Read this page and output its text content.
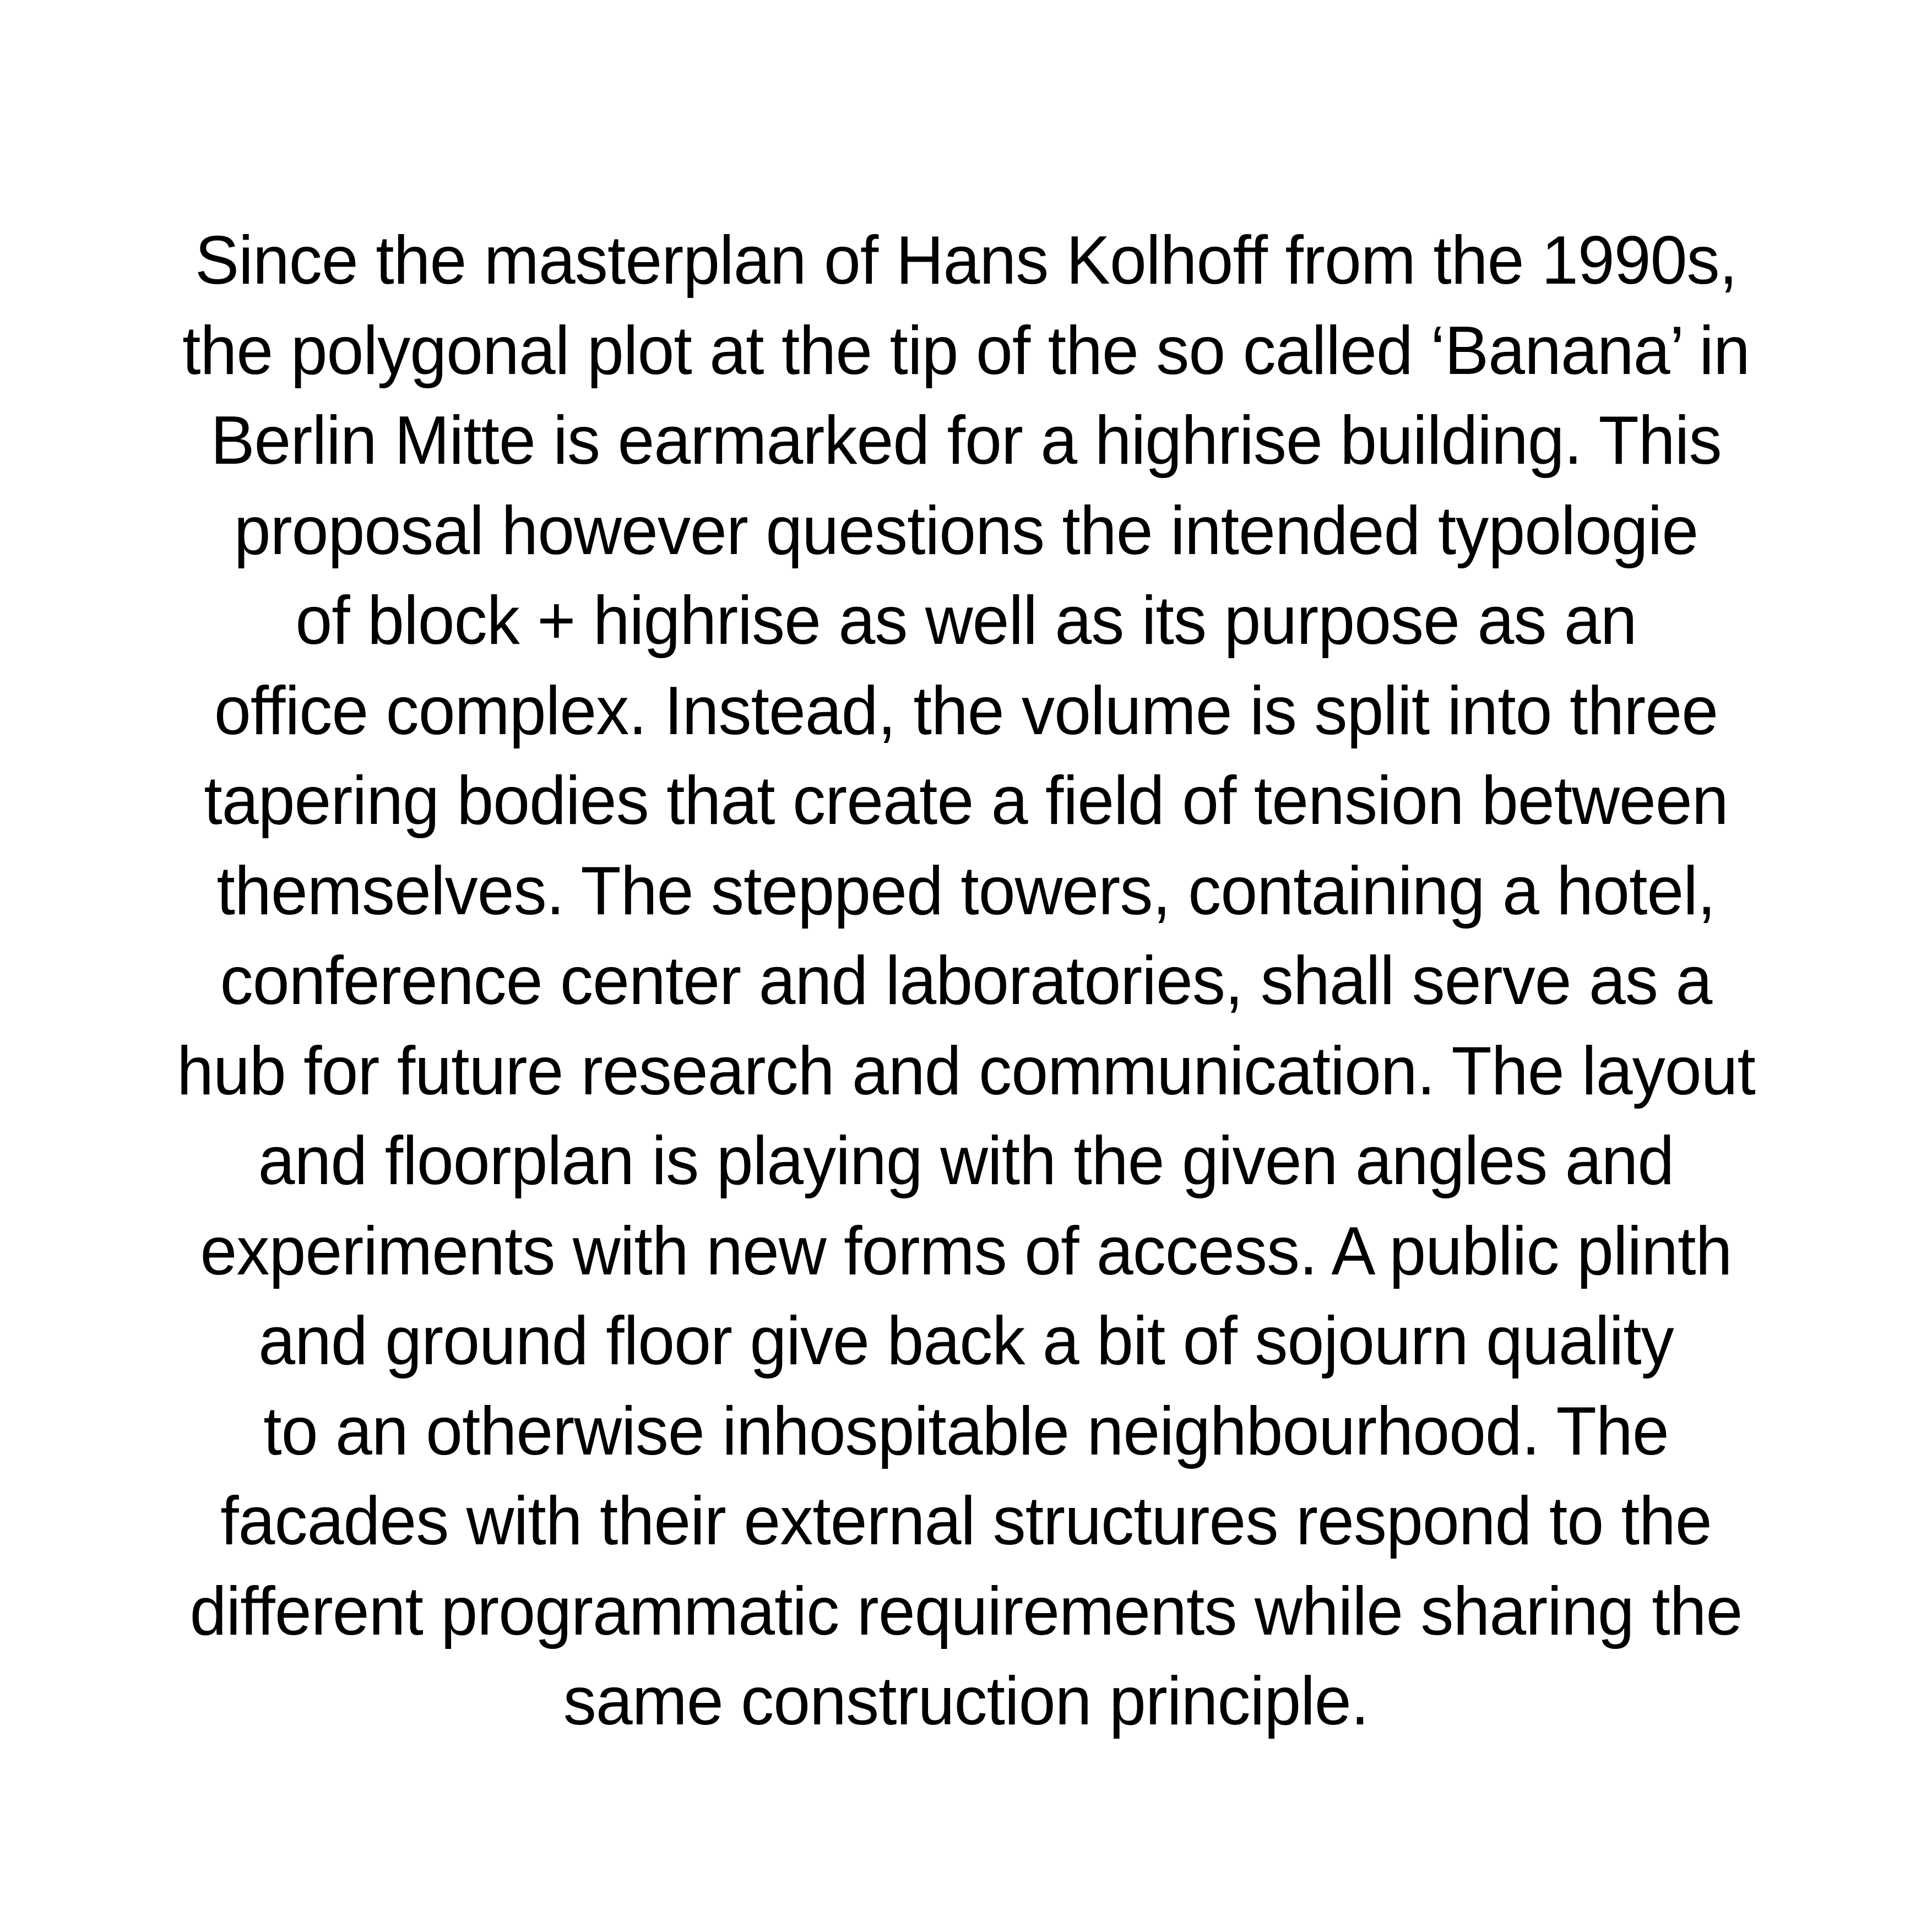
Since the masterplan of Hans Kolhoff from the 1990s,
the polygonal plot at the tip of the so called ‘Banana’ in
Berlin Mitte is earmarked for a highrise building. This
proposal however questions the intended typologie
of block + highrise as well as its purpose as an
office complex. Instead, the volume is split into three
tapering bodies that create a field of tension between
themselves. The stepped towers, containing a hotel,
conference center and laboratories, shall serve as a
hub for future research and communication. The layout
and floorplan is playing with the given angles and
experiments with new forms of access. A public plinth
and ground floor give back a bit of sojourn quality
to an otherwise inhospitable neighbourhood. The
facades with their external structures respond to the
different programmatic requirements while sharing the
same construction principle.
